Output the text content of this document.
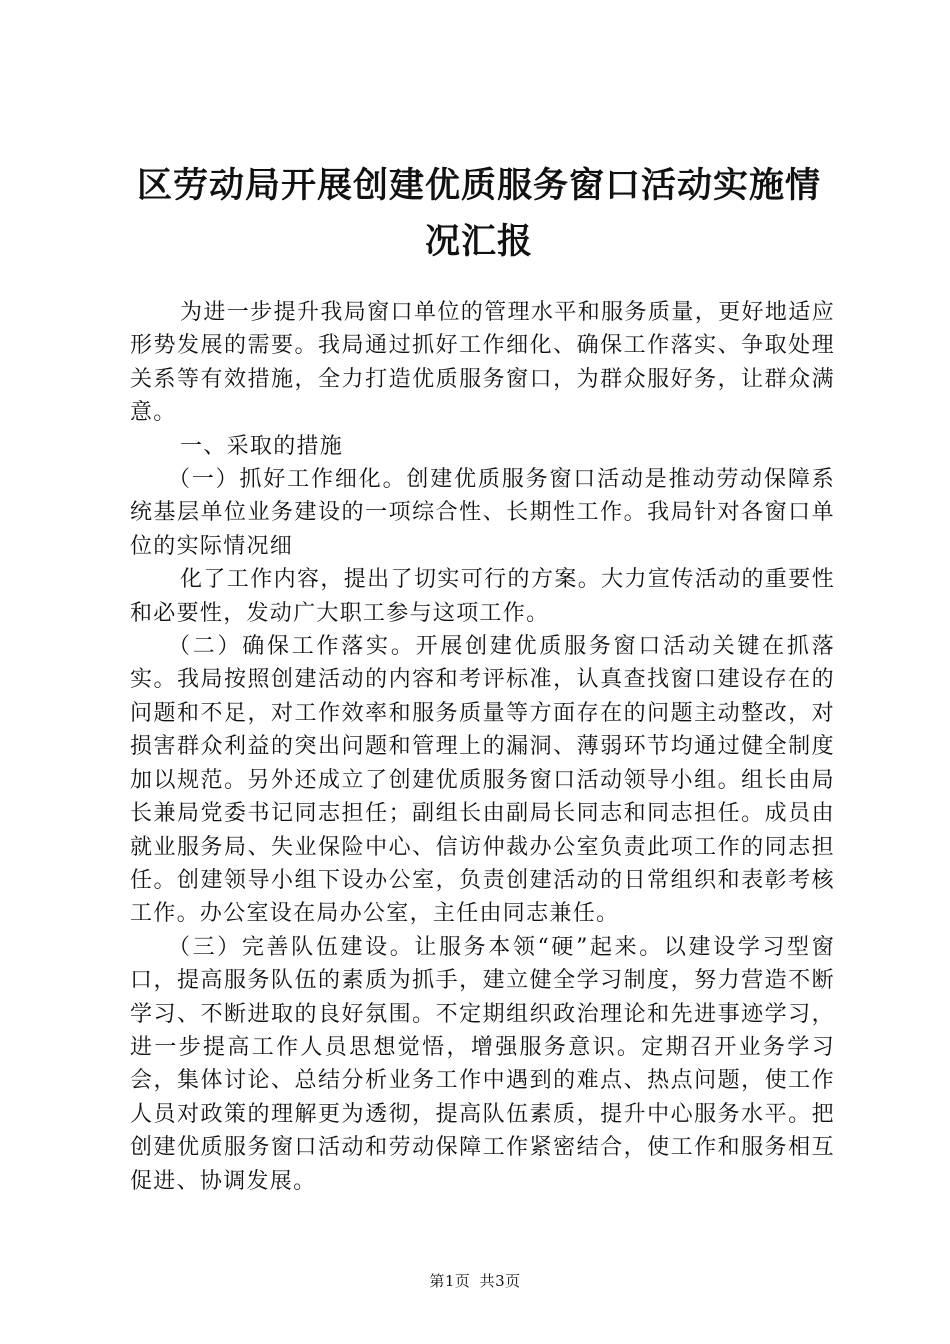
区劳动局开展创建优质服务窗口活动实施情况汇报

为进一步提升我局窗口单位的管理水平和服务质量，更好地适应形势发展的需要。我局通过抓好工作细化、确保工作落实、争取处理关系等有效措施，全力打造优质服务窗口，为群众服好务，让群众满意。

一、采取的措施

（一）抓好工作细化。创建优质服务窗口活动是推动劳动保障系统基层单位业务建设的一项综合性、长期性工作。我局针对各窗口单位的实际情况细

化了工作内容，提出了切实可行的方案。大力宣传活动的重要性和必要性，发动广大职工参与这项工作。

（二）确保工作落实。开展创建优质服务窗口活动关键在抓落实。我局按照创建活动的内容和考评标准，认真查找窗口建设存在的问题和不足，对工作效率和服务质量等方面存在的问题主动整改，对损害群众利益的突出问题和管理上的漏洞、薄弱环节均通过健全制度加以规范。另外还成立了创建优质服务窗口活动领导小组。组长由局长兼局党委书记同志担任；副组长由副局长同志和同志担任。成员由就业服务局、失业保险中心、信访仲裁办公室负责此项工作的同志担任。创建领导小组下设办公室，负责创建活动的日常组织和表彰考核工作。办公室设在局办公室，主任由同志兼任。

（三）完善队伍建设。让服务本领“硬”起来。以建设学习型窗口，提高服务队伍的素质为抓手，建立健全学习制度，努力营造不断学习、不断进取的良好氛围。不定期组织政治理论和先进事迹学习，进一步提高工作人员思想觉悟，增强服务意识。定期召开业务学习会，集体讨论、总结分析业务工作中遇到的难点、热点问题，使工作人员对政策的理解更为透彻，提高队伍素质，提升中心服务水平。把创建优质服务窗口活动和劳动保障工作紧密结合，使工作和服务相互促进、协调发展。

第1页 共3页
